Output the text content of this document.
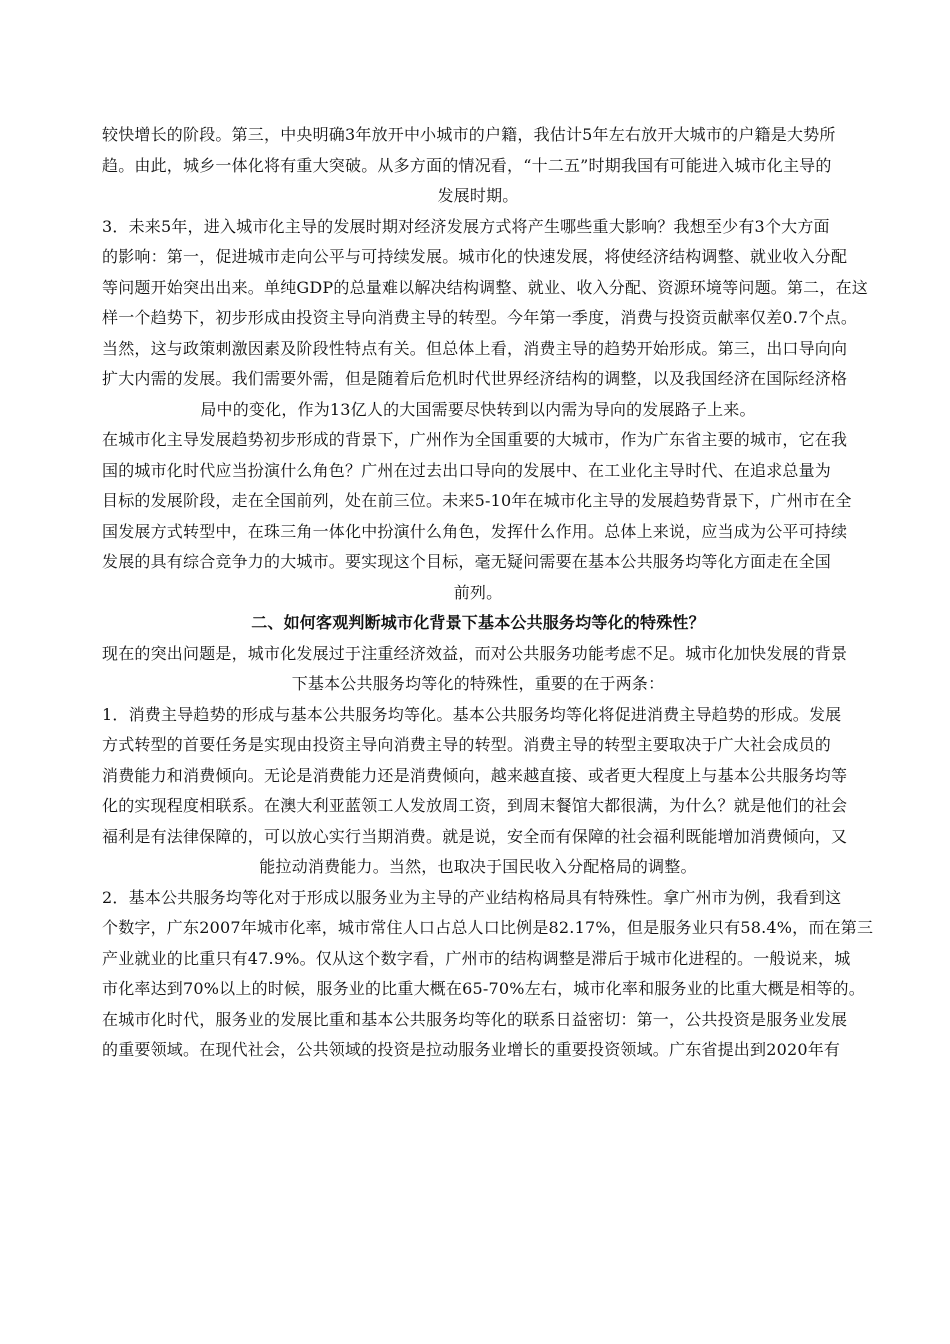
较快增长的阶段。第三，中央明确3年放开中小城市的户籍，我估计5年左右放开大城市的户籍是大势所
趋。由此，城乡一体化将有重大突破。从多方面的情况看，“十二五”时期我国有可能进入城市化主导的
发展时期。
3．未来5年，进入城市化主导的发展时期对经济发展方式将产生哪些重大影响？我想至少有3个大方面
的影响：第一，促进城市走向公平与可持续发展。城市化的快速发展，将使经济结构调整、就业收入分配
等问题开始突出出来。单纯GDP的总量难以解决结构调整、就业、收入分配、资源环境等问题。第二，在这
样一个趋势下，初步形成由投资主导向消费主导的转型。今年第一季度，消费与投资贡献率仅差0.7个点。
当然，这与政策刺激因素及阶段性特点有关。但总体上看，消费主导的趋势开始形成。第三，出口导向向
扩大内需的发展。我们需要外需，但是随着后危机时代世界经济结构的调整，以及我国经济在国际经济格
局中的变化，作为13亿人的大国需要尽快转到以内需为导向的发展路子上来。
在城市化主导发展趋势初步形成的背景下，广州作为全国重要的大城市，作为广东省主要的城市，它在我
国的城市化时代应当扮演什么角色？广州在过去出口导向的发展中、在工业化主导时代、在追求总量为
目标的发展阶段，走在全国前列，处在前三位。未来5-10年在城市化主导的发展趋势背景下，广州市在全
国发展方式转型中，在珠三角一体化中扮演什么角色，发挥什么作用。总体上来说，应当成为公平可持续
发展的具有综合竞争力的大城市。要实现这个目标，毫无疑问需要在基本公共服务均等化方面走在全国
前列。
二、如何客观判断城市化背景下基本公共服务均等化的特殊性？
现在的突出问题是，城市化发展过于注重经济效益，而对公共服务功能考虑不足。城市化加快发展的背景
下基本公共服务均等化的特殊性，重要的在于两条：
1．消费主导趋势的形成与基本公共服务均等化。基本公共服务均等化将促进消费主导趋势的形成。发展
方式转型的首要任务是实现由投资主导向消费主导的转型。消费主导的转型主要取决于广大社会成员的
消费能力和消费倾向。无论是消费能力还是消费倾向，越来越直接、或者更大程度上与基本公共服务均等
化的实现程度相联系。在澳大利亚蓝领工人发放周工资，到周末餐馆大都很满，为什么？就是他们的社会
福利是有法律保障的，可以放心实行当期消费。就是说，安全而有保障的社会福利既能增加消费倾向，又
能拉动消费能力。当然，也取决于国民收入分配格局的调整。
2．基本公共服务均等化对于形成以服务业为主导的产业结构格局具有特殊性。拿广州市为例，我看到这
个数字，广东2007年城市化率，城市常住人口占总人口比例是82.17%，但是服务业只有58.4%，而在第三
产业就业的比重只有47.9%。仅从这个数字看，广州市的结构调整是滞后于城市化进程的。一般说来，城
市化率达到70%以上的时候，服务业的比重大概在65-70%左右，城市化率和服务业的比重大概是相等的。
在城市化时代，服务业的发展比重和基本公共服务均等化的联系日益密切：第一，公共投资是服务业发展
的重要领域。在现代社会，公共领域的投资是拉动服务业增长的重要投资领域。广东省提出到2020年有
